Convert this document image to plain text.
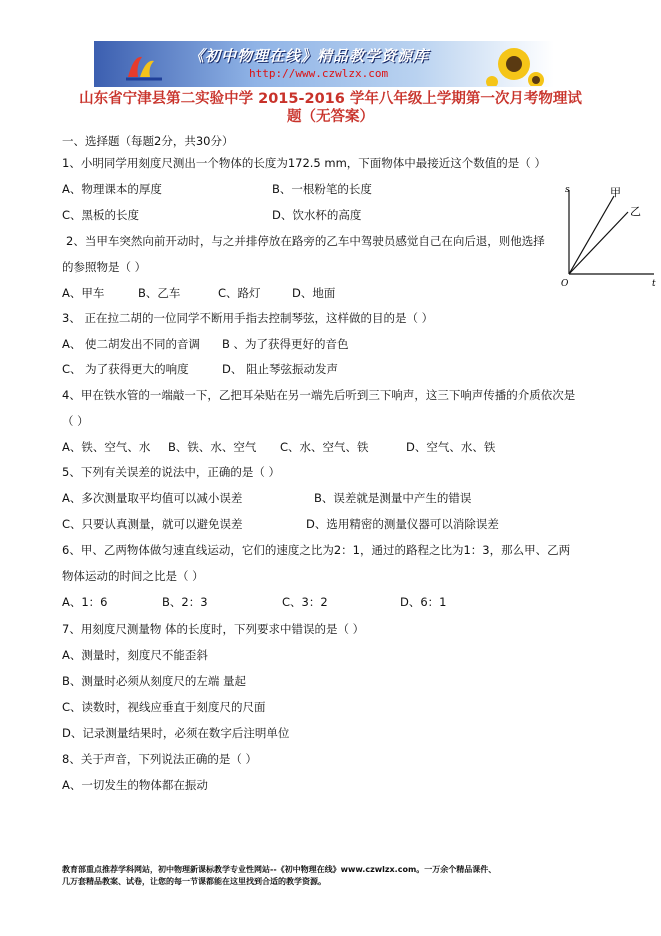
《初中物理在线》精品教学资源库
http://www.czwlzx.com
山东省宁津县第二实验中学 2015-2016 学年八年级上学期第一次月考物理试
题（无答案）
一、选择题（每题2分，共30分）
1、小明同学用刻度尺测出一个物体的长度为172.5 mm，下面物体中最接近这个数值的是（ ）
A、物理课本的厚度	B、一根粉笔的长度
C、黑板的长度	D、饮水杯的高度
2、当甲车突然向前开动时，与之并排停放在路旁的乙车中驾驶员感觉自己在向后退，则他选择
的参照物是（ ）
A、甲车	B、乙车	C、路灯	D、地面
s
t
O
甲
乙
3、 正在拉二胡的一位同学不断用手指去控制琴弦，这样做的目的是（ ）
A、 使二胡发出不同的音调 B 、为了获得更好的音色
C、 为了获得更大的响度	D、 阻止琴弦振动发声
4、甲在铁水管的一端敲一下，乙把耳朵贴在另一端先后听到三下响声，这三下响声传播的介质依次是
（ ）
A、铁、空气、水 B、铁、水、空气 C、水、空气、铁	D、空气、水、铁
5、下列有关误差的说法中，正确的是（ ）
A、多次测量取平均值可以减小误差	B、误差就是测量中产生的错误
C、只要认真测量，就可以避免误差	D、选用精密的测量仪器可以消除误差
6、甲、乙两物体做匀速直线运动，它们的速度之比为2：1，通过的路程之比为1：3，那么甲、乙两
物体运动的时间之比是（ ）
A、1：6	B、2：3	C、3：2	D、6：1
7、用刻度尺测量物 体的长度时，下列要求中错误的是（ ）
A、测量时，刻度尺不能歪斜
B、测量时必须从刻度尺的左端 量起
C、读数时，视线应垂直于刻度尺的尺面
D、记录测量结果时，必须在数字后注明单位
8、关于声音，下列说法正确的是（ ）
A、一切发生的物体都在振动
教育部重点推荐学科网站，初中物理新课标教学专业性网站--《初中物理在线》www.czwlzx.com。一万余个精品课件、
几万套精品教案、试卷，让您的每一节课都能在这里找到合适的教学资源。
